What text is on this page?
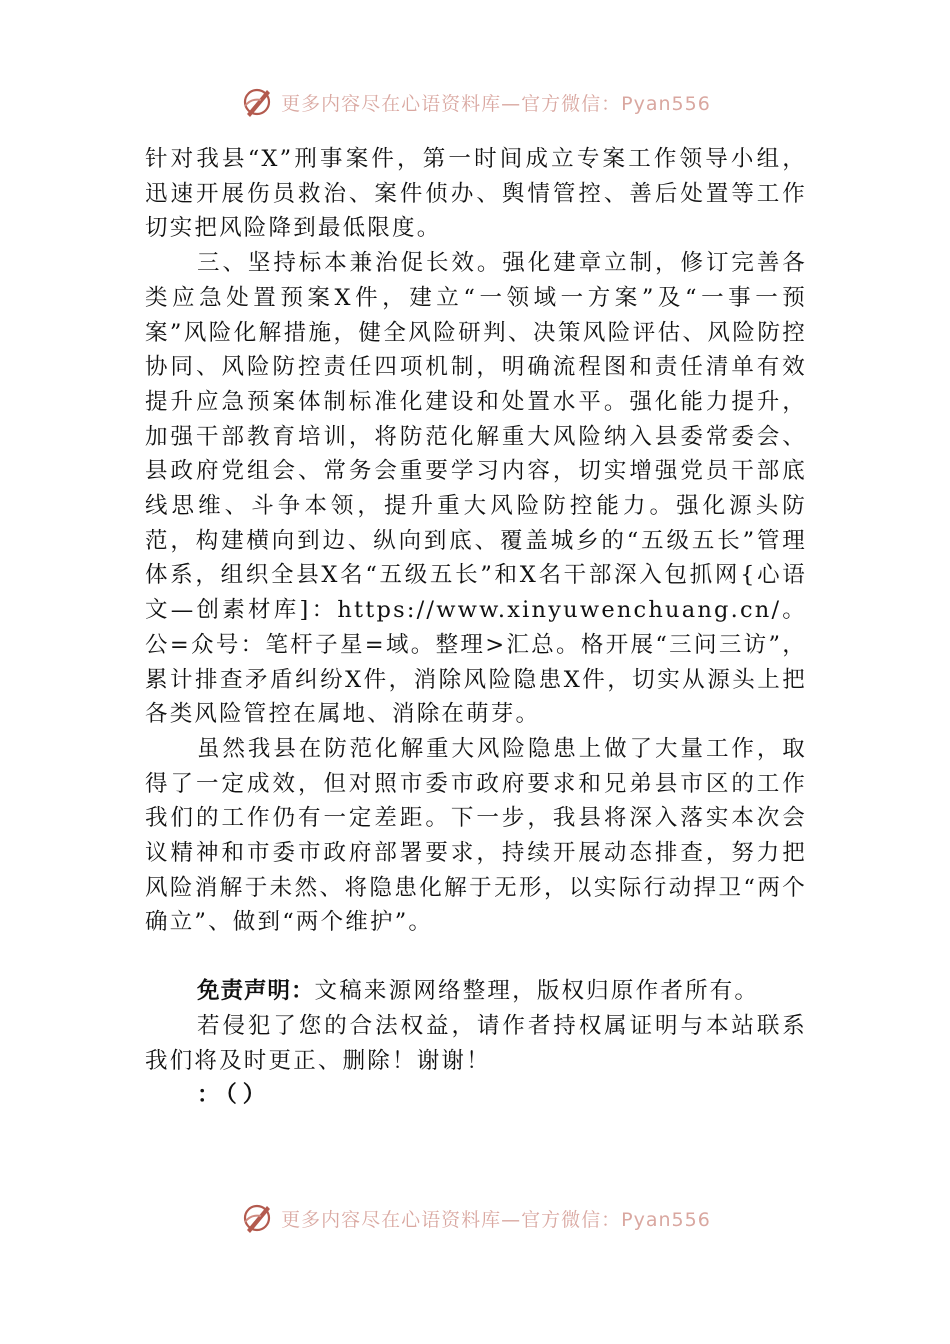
更多内容尽在心语资料库—官方微信：Pyan556

针对我县“X”刑事案件，第一时间成立专案工作领导小组，迅速开展伤员救治、案件侦办、舆情管控、善后处置等工作切实把风险降到最低限度。

三、坚持标本兼治促长效。强化建章立制，修订完善各类应急处置预案X件，建立“一领域一方案”及“一事一预案”风险化解措施，健全风险研判、决策风险评估、风险防控协同、风险防控责任四项机制，明确流程图和责任清单有效提升应急预案体制标准化建设和处置水平。强化能力提升，加强干部教育培训，将防范化解重大风险纳入县委常委会、县政府党组会、常务会重要学习内容，切实增强党员干部底线思维、斗争本领，提升重大风险防控能力。强化源头防范，构建横向到边、纵向到底、覆盖城乡的“五级五长”管理体系，组织全县X名“五级五长”和X名干部深入包抓网{心语文—创素材库]：https://www.xinyuwenchuang.cn/。公=众号：笔杆子星=域。整理>汇总。格开展“三问三访”，累计排查矛盾纠纷X件，消除风险隐患X件，切实从源头上把各类风险管控在属地、消除在萌芽。

虽然我县在防范化解重大风险隐患上做了大量工作，取得了一定成效，但对照市委市政府要求和兄弟县市区的工作我们的工作仍有一定差距。下一步，我县将深入落实本次会议精神和市委市政府部署要求，持续开展动态排查，努力把风险消解于未然、将隐患化解于无形，以实际行动捍卫“两个确立”、做到“两个维护”。

免责声明：文稿来源网络整理，版权归原作者所有。

若侵犯了您的合法权益，请作者持权属证明与本站联系我们将及时更正、删除！谢谢！

：（）

更多内容尽在心语资料库—官方微信：Pyan556
